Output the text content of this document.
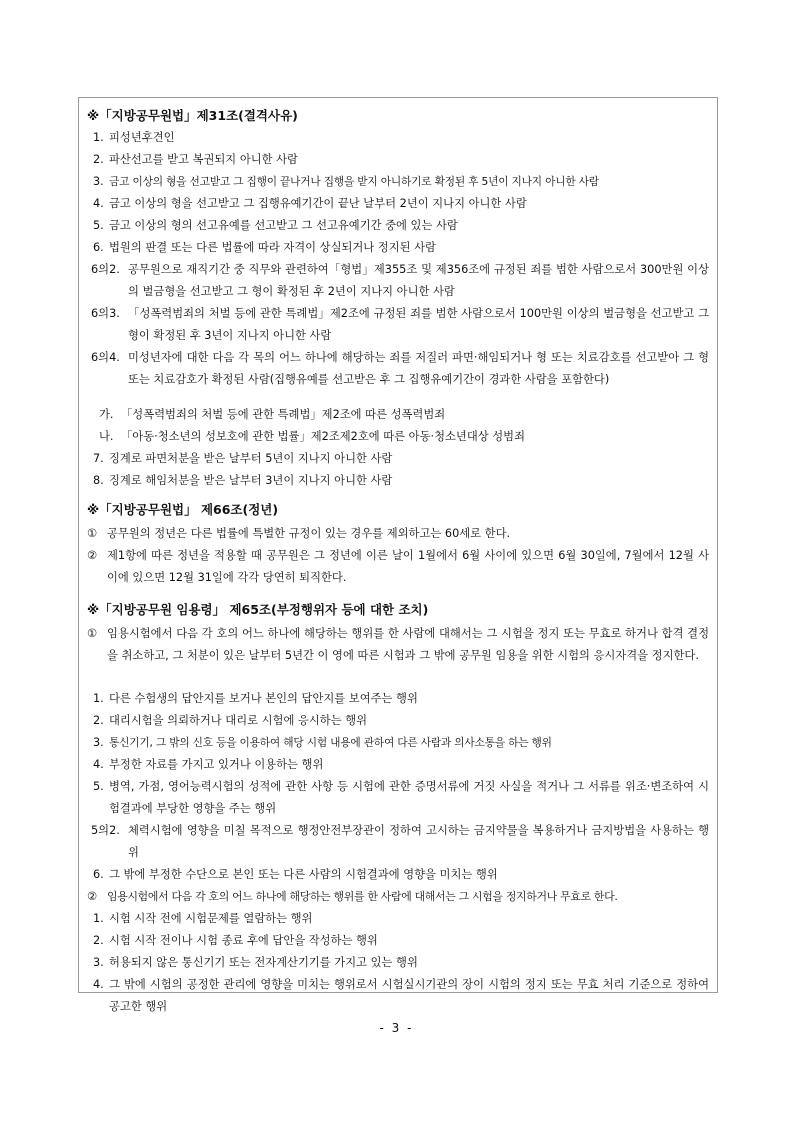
※「지방공무원법」제31조(결격사유)
1. 피성년후견인
2. 파산선고를 받고 복권되지 아니한 사람
3. 금고 이상의 형을 선고받고 그 집행이 끝나거나 집행을 받지 아니하기로 확정된 후 5년이 지나지 아니한 사람
4. 금고 이상의 형을 선고받고 그 집행유예기간이 끝난 날부터 2년이 지나지 아니한 사람
5. 금고 이상의 형의 선고유예를 선고받고 그 선고유예기간 중에 있는 사람
6. 법원의 판결 또는 다른 법률에 따라 자격이 상실되거나 정지된 사람
6의2. 공무원으로 재직기간 중 직무와 관련하여「형법」제355조 및 제356조에 규정된 죄를 범한 사람으로서 300만원 이상의 벌금형을 선고받고 그 형이 확정된 후 2년이 지나지 아니한 사람
6의3. 「성폭력범죄의 처벌 등에 관한 특례법」제2조에 규정된 죄를 범한 사람으로서 100만원 이상의 벌금형을 선고받고 그 형이 확정된 후 3년이 지나지 아니한 사람
6의4. 미성년자에 대한 다음 각 목의 어느 하나에 해당하는 죄를 저질러 파면·해임되거나 형 또는 치료감호를 선고받아 그 형 또는 치료감호가 확정된 사람(집행유예를 선고받은 후 그 집행유예기간이 경과한 사람을 포함한다)
가. 「성폭력범죄의 처벌 등에 관한 특례법」제2조에 따른 성폭력범죄
나. 「아동·청소년의 성보호에 관한 법률」제2조제2호에 따른 아동·청소년대상 성범죄
7. 징계로 파면처분을 받은 날부터 5년이 지나지 아니한 사람
8. 징계로 해임처분을 받은 날부터 3년이 지나지 아니한 사람
※「지방공무원법」 제66조(정년)
① 공무원의 정년은 다른 법률에 특별한 규정이 있는 경우를 제외하고는 60세로 한다.
② 제1항에 따른 정년을 적용할 때 공무원은 그 정년에 이른 날이 1월에서 6월 사이에 있으면 6월 30일에, 7월에서 12월 사이에 있으면 12월 31일에 각각 당연히 퇴직한다.
※「지방공무원 임용령」 제65조(부정행위자 등에 대한 조치)
① 임용시험에서 다음 각 호의 어느 하나에 해당하는 행위를 한 사람에 대해서는 그 시험을 정지 또는 무효로 하거나 합격 결정을 취소하고, 그 처분이 있은 날부터 5년간 이 영에 따른 시험과 그 밖에 공무원 임용을 위한 시험의 응시자격을 정지한다.
1. 다른 수험생의 답안지를 보거나 본인의 답안지를 보여주는 행위
2. 대리시험을 의뢰하거나 대리로 시험에 응시하는 행위
3. 통신기기, 그 밖의 신호 등을 이용하여 해당 시험 내용에 관하여 다른 사람과 의사소통을 하는 행위
4. 부정한 자료를 가지고 있거나 이용하는 행위
5. 병역, 가점, 영어능력시험의 성적에 관한 사항 등 시험에 관한 증명서류에 거짓 사실을 적거나 그 서류를 위조·변조하여 시험결과에 부당한 영향을 주는 행위
5의2. 체력시험에 영향을 미칠 목적으로 행정안전부장관이 정하여 고시하는 금지약물을 복용하거나 금지방법을 사용하는 행위
6. 그 밖에 부정한 수단으로 본인 또는 다른 사람의 시험결과에 영향을 미치는 행위
② 임용시험에서 다음 각 호의 어느 하나에 해당하는 행위를 한 사람에 대해서는 그 시험을 정지하거나 무효로 한다.
1. 시험 시작 전에 시험문제를 열람하는 행위
2. 시험 시작 전이나 시험 종료 후에 답안을 작성하는 행위
3. 허용되지 않은 통신기기 또는 전자계산기기를 가지고 있는 행위
4. 그 밖에 시험의 공정한 관리에 영향을 미치는 행위로서 시험실시기관의 장이 시험의 정지 또는 무효 처리 기준으로 정하여 공고한 행위
- 3 -
